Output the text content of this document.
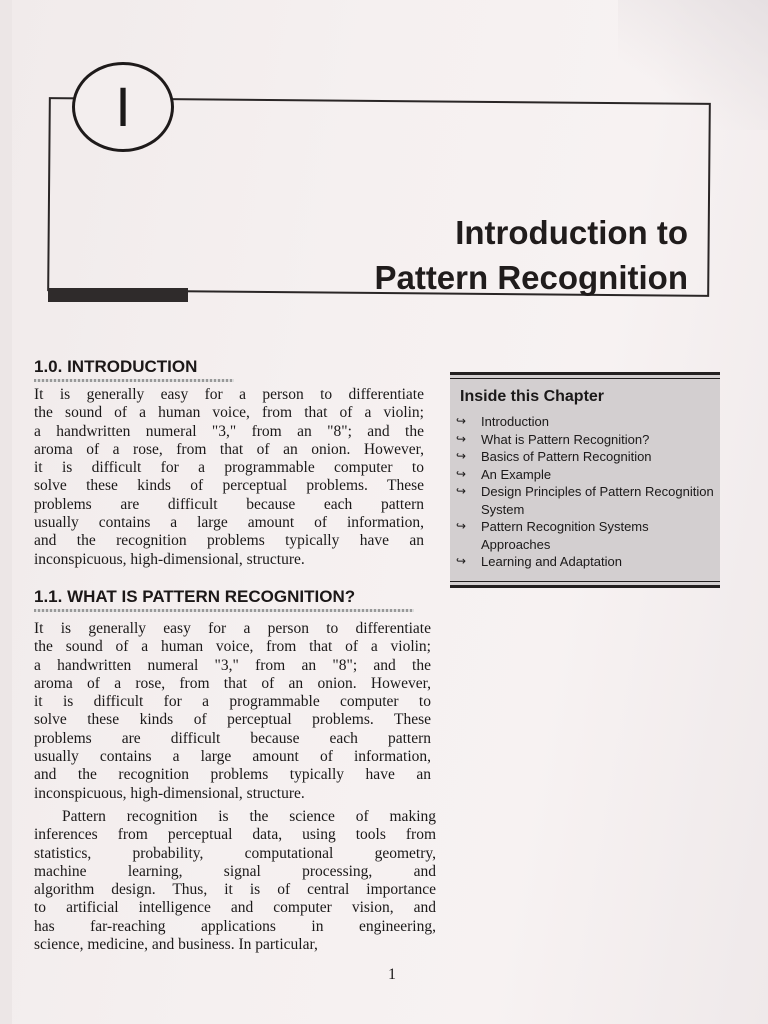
I
Introduction to
Pattern Recognition
1.0. INTRODUCTION
It is generally easy for a person to differentiate
the sound of a human voice, from that of a violin;
a handwritten numeral "3," from an "8"; and the
aroma of a rose, from that of an onion. However,
it is difficult for a programmable computer to
solve these kinds of perceptual problems. These
problems are difficult because each pattern
usually contains a large amount of information,
and the recognition problems typically have an
inconspicuous, high-dimensional, structure.
1.1. WHAT IS PATTERN RECOGNITION?
It is generally easy for a person to differentiate
the sound of a human voice, from that of a violin;
a handwritten numeral "3," from an "8"; and the
aroma of a rose, from that of an onion. However,
it is difficult for a programmable computer to
solve these kinds of perceptual problems. These
problems are difficult because each pattern
usually contains a large amount of information,
and the recognition problems typically have an
inconspicuous, high-dimensional, structure.
Pattern recognition is the science of making
inferences from perceptual data, using tools from
statistics, probability, computational geometry,
machine learning, signal processing, and
algorithm design. Thus, it is of central importance
to artificial intelligence and computer vision, and
has far-reaching applications in engineering,
science, medicine, and business. In particular,
Inside this Chapter
↪	Introduction
↪	What is Pattern Recognition?
↪	Basics of Pattern Recognition
↪	An Example
↪	Design Principles of Pattern Recognition System
↪	Pattern Recognition Systems Approaches
↪	Learning and Adaptation
1
